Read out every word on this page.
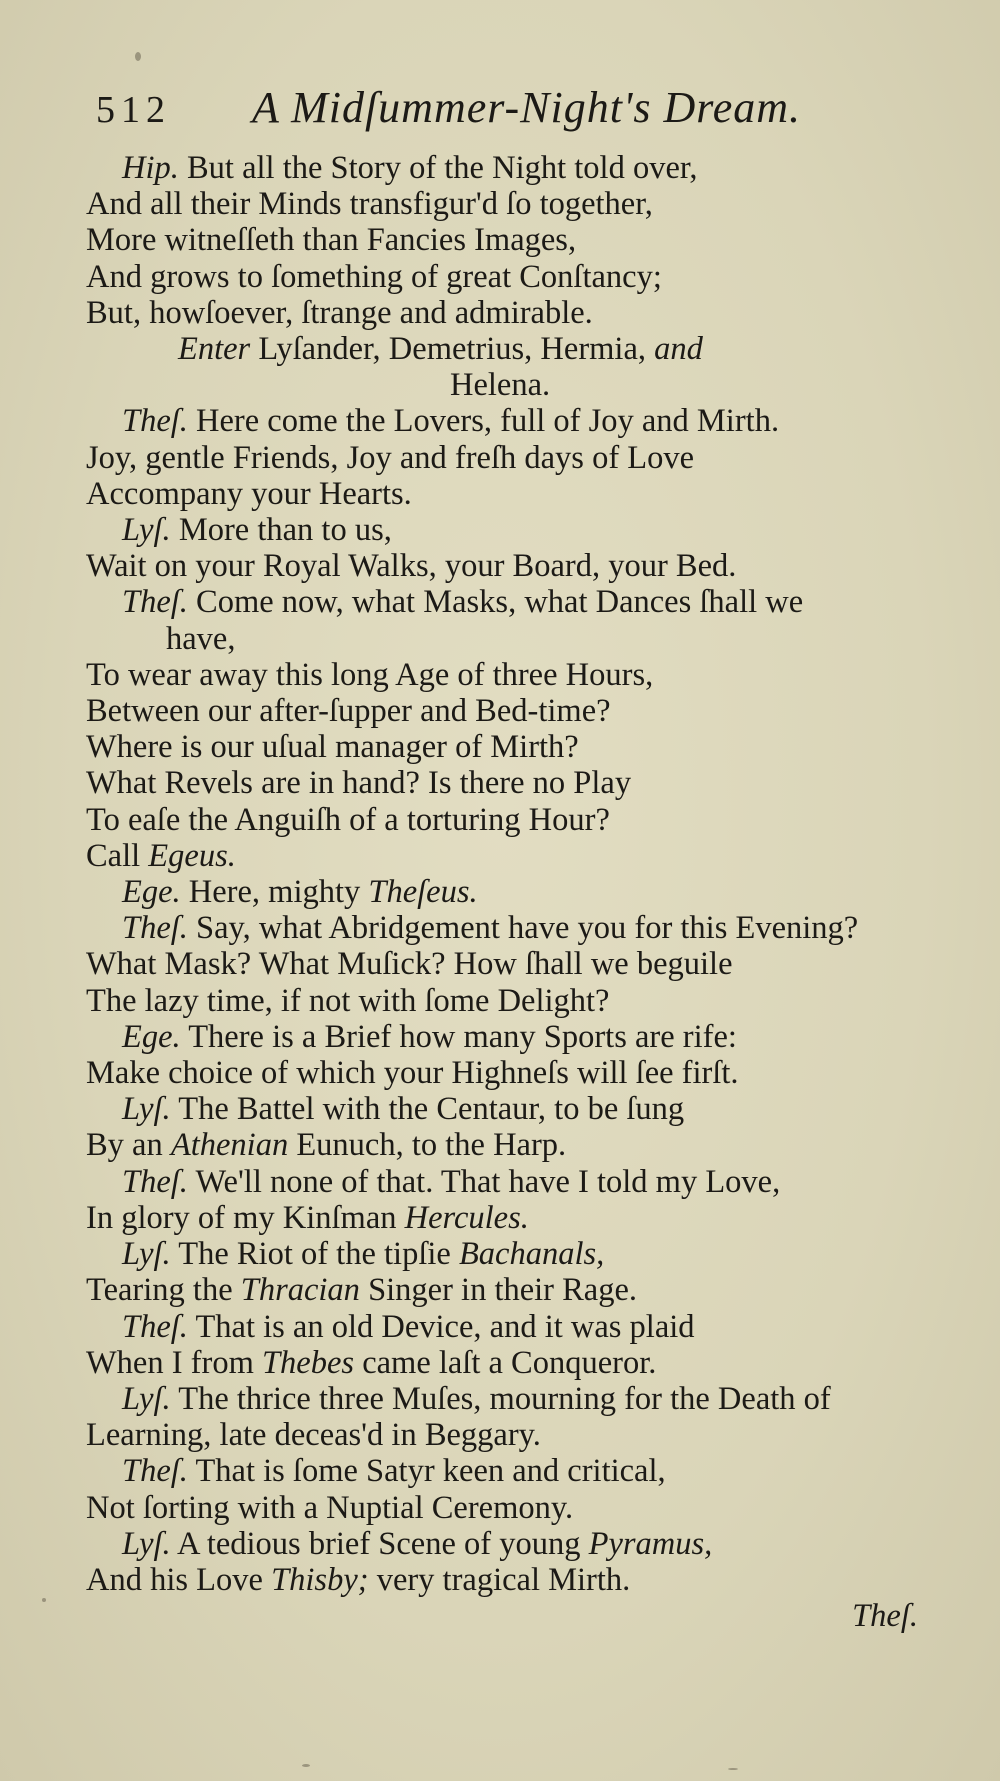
512 A Midſummer-Night's Dream.
Hip. But all the Story of the Night told over,
And all their Minds transfigur'd ſo together,
More witneſſeth than Fancies Images,
And grows to ſomething of great Conſtancy;
But, howſoever, ſtrange and admirable.
Enter Lyſander, Demetrius, Hermia, and
Helena.
Theſ. Here come the Lovers, full of Joy and Mirth.
Joy, gentle Friends, Joy and freſh days of Love
Accompany your Hearts.
Lyſ. More than to us,
Wait on your Royal Walks, your Board, your Bed.
Theſ. Come now, what Masks, what Dances ſhall we
have,
To wear away this long Age of three Hours,
Between our after-ſupper and Bed-time?
Where is our uſual manager of Mirth?
What Revels are in hand? Is there no Play
To eaſe the Anguiſh of a torturing Hour?
Call Egeus.
Ege. Here, mighty Theſeus.
Theſ. Say, what Abridgement have you for this Evening?
What Mask? What Muſick? How ſhall we beguile
The lazy time, if not with ſome Delight?
Ege. There is a Brief how many Sports are rife:
Make choice of which your Highneſs will ſee firſt.
Lyſ. The Battel with the Centaur, to be ſung
By an Athenian Eunuch, to the Harp.
Theſ. We'll none of that. That have I told my Love,
In glory of my Kinſman Hercules.
Lyſ. The Riot of the tipſie Bachanals,
Tearing the Thracian Singer in their Rage.
Theſ. That is an old Device, and it was plaid
When I from Thebes came laſt a Conqueror.
Lyſ. The thrice three Muſes, mourning for the Death of
Learning, late deceas'd in Beggary.
Theſ. That is ſome Satyr keen and critical,
Not ſorting with a Nuptial Ceremony.
Lyſ. A tedious brief Scene of young Pyramus,
And his Love Thisby; very tragical Mirth.
Theſ.
